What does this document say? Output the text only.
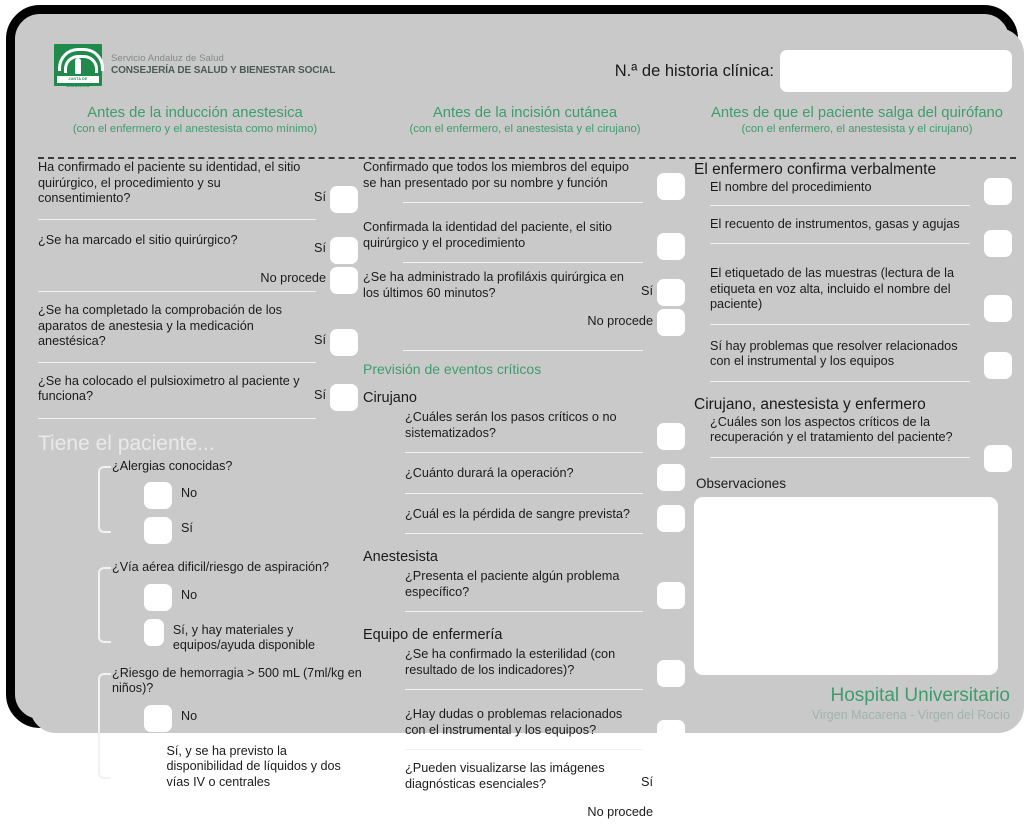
JUNTA DE ANDALUCIA
Servicio Andaluz de Salud
CONSEJERÍA DE SALUD Y BIENESTAR SOCIAL	N.ª de historia clínica:
Antes de la inducción anestesica
(con el enfermero y el anestesista como mínimo)
Antes de la incisión cutánea
(con el enfermero, el anestesista y el cirujano)
Antes de que el paciente salga del quirófano
(con el enfermero, el anestesista y el cirujano)
Ha confirmado el paciente su identidad, el sitio quirúrgico, el procedimiento y su consentimiento?	Sí
¿Se ha marcado el sitio quirúrgico?
Sí
No procede
¿Se ha completado la comprobación de los aparatos de anestesia y la medicación anestésica?	Sí
¿Se ha colocado el pulsioximetro al paciente y funciona?	Sí
Tiene el paciente...
¿Alergias conocidas?
No
Sí
¿Vía aérea dificil/riesgo de aspiración?
No
Sí, y hay materiales y equipos/ayuda disponible
¿Riesgo de hemorragia > 500 mL (7ml/kg en niños)?
No
Sí, y se ha previsto la disponibilidad de líquidos y dos vías IV o centrales
Confirmado que todos los miembros del equipo se han presentado por su nombre y función
Confirmada la identidad del paciente, el sitio quirúrgico y el procedimiento
¿Se ha administrado la profiláxis quirúrgica en los últimos 60 minutos?	Sí
No procede
Previsión de eventos críticos
Cirujano
¿Cuáles serán los pasos críticos o no sistematizados?
¿Cuánto durará la operación?
¿Cuál es la pérdida de sangre prevista?
Anestesista
¿Presenta el paciente algún problema específico?
Equipo de enfermería
¿Se ha confirmado la esterilidad (con resultado de los indicadores)?
¿Hay dudas o problemas relacionados con el instrumental y los equipos?
¿Pueden visualizarse las imágenes diagnósticas esenciales?	Sí
No procede
El enfermero confirma verbalmente
El nombre del procedimiento
El recuento de instrumentos, gasas y agujas
El etiquetado de las muestras (lectura de la etiqueta en voz alta, incluido el nombre del paciente)
Sí hay problemas que resolver relacionados con el instrumental y los equipos
Cirujano, anestesista y enfermero
¿Cuáles son los aspectos críticos de la recuperación y el tratamiento del paciente?
Observaciones
Hospital Universitario
Virgen Macarena - Virgen del Rocío
